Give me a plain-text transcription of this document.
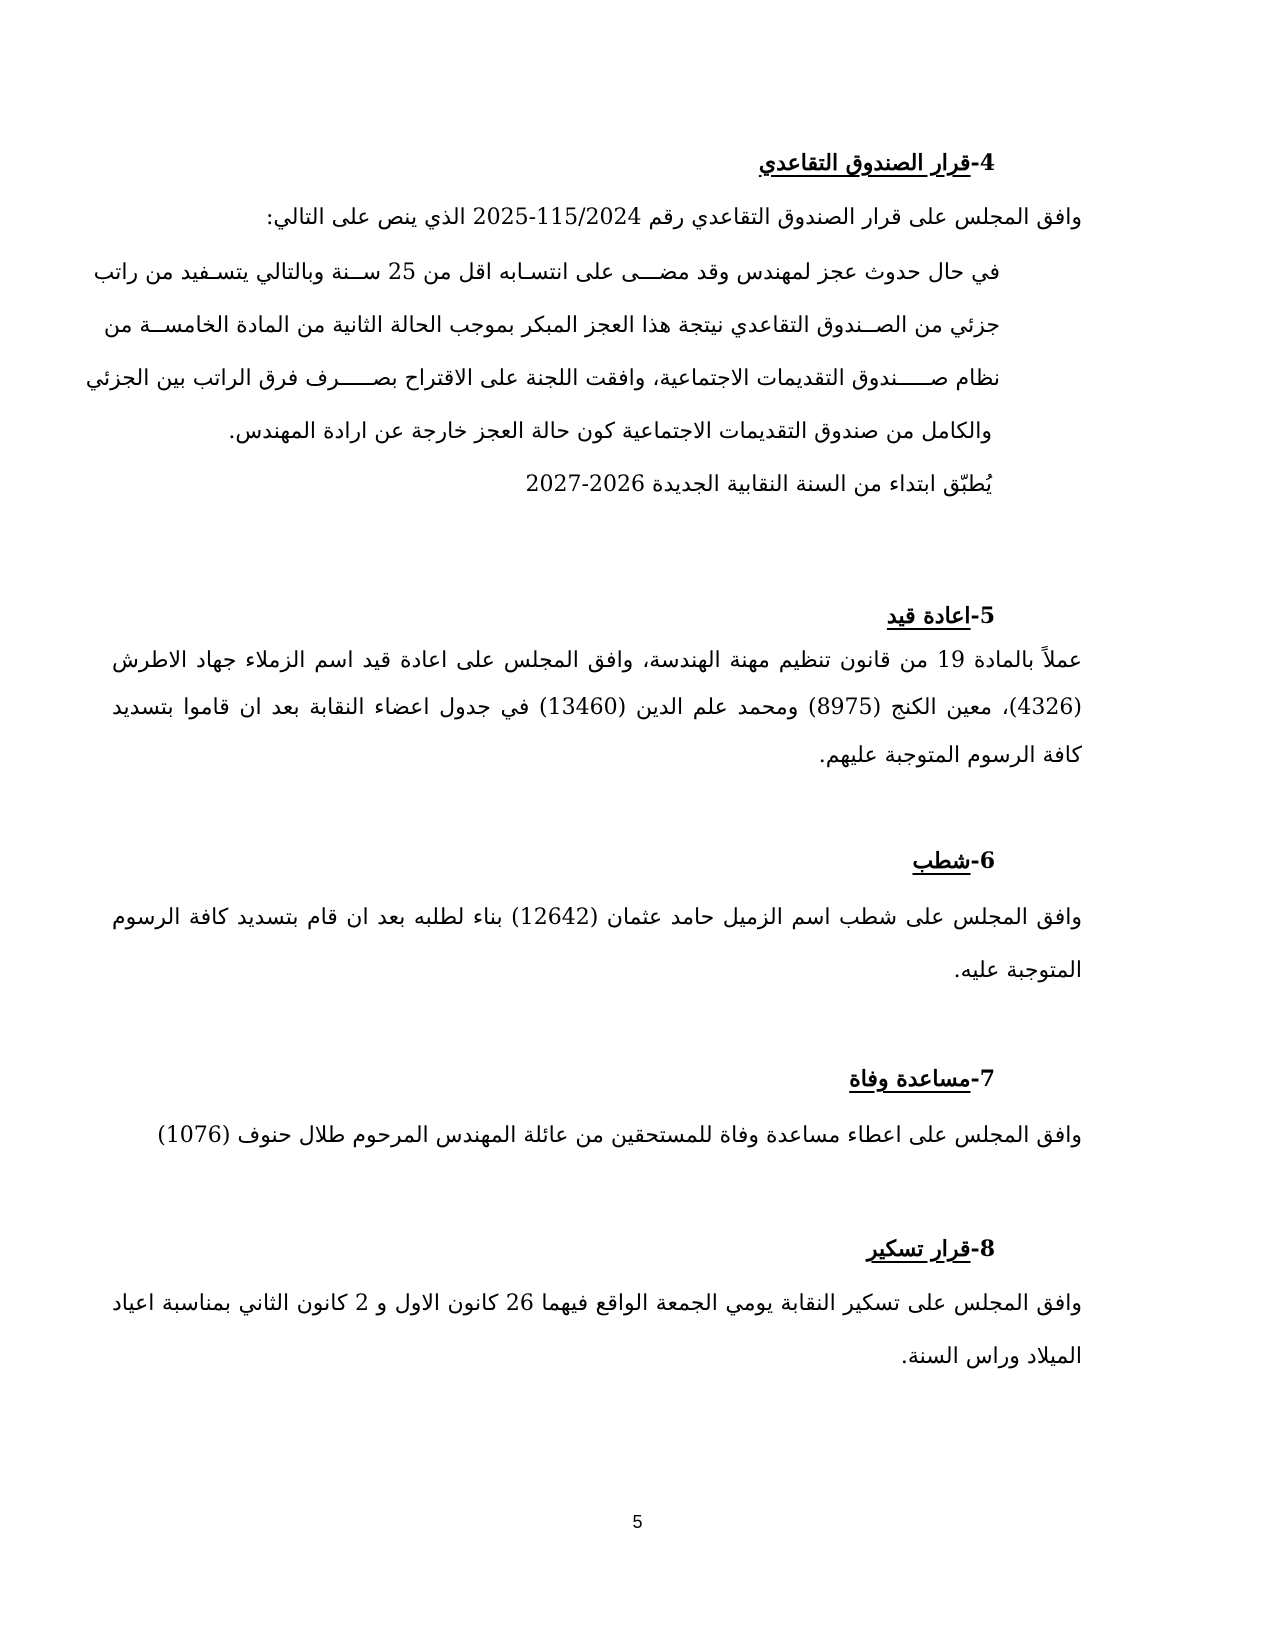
4-قرار الصندوق التقاعدي
وافق المجلس على قرار الصندوق التقاعدي رقم 115/2024-2025 الذي ينص على التالي:
في حال حدوث عجز لمهندس وقد مضـــى على انتسـابه اقل من 25 ســنة وبالتالي يتسـفيد من راتب
جزئي من الصــندوق التقاعدي نيتجة هذا العجز المبكر بموجب الحالة الثانية من المادة الخامســة من
نظام صـــــندوق التقديمات الاجتماعية، وافقت اللجنة على الاقتراح بصـــــرف فرق الراتب بين الجزئي
والكامل من صندوق التقديمات الاجتماعية كون حالة العجز خارجة عن ارادة المهندس.
يُطبّق ابتداء من السنة النقابية الجديدة 2026-2027
5-اعادة قيد
عملاً بالمادة 19 من قانون تنظيم مهنة الهندسة، وافق المجلس على اعادة قيد اسم الزملاء جهاد الاطرش
(4326)، معين الكنج (8975) ومحمد علم الدين (13460) في جدول اعضاء النقابة بعد ان قاموا بتسديد
كافة الرسوم المتوجبة عليهم.
6-شطب
وافق المجلس على شطب اسم الزميل حامد عثمان (12642) بناء لطلبه بعد ان قام بتسديد كافة الرسوم
المتوجبة عليه.
7-مساعدة وفاة
وافق المجلس على اعطاء مساعدة وفاة للمستحقين من عائلة المهندس المرحوم طلال حنوف (1076)
8-قرار تسكير
وافق المجلس على تسكير النقابة يومي الجمعة الواقع فيهما 26 كانون الاول و 2 كانون الثاني بمناسبة اعياد
الميلاد وراس السنة.
5
